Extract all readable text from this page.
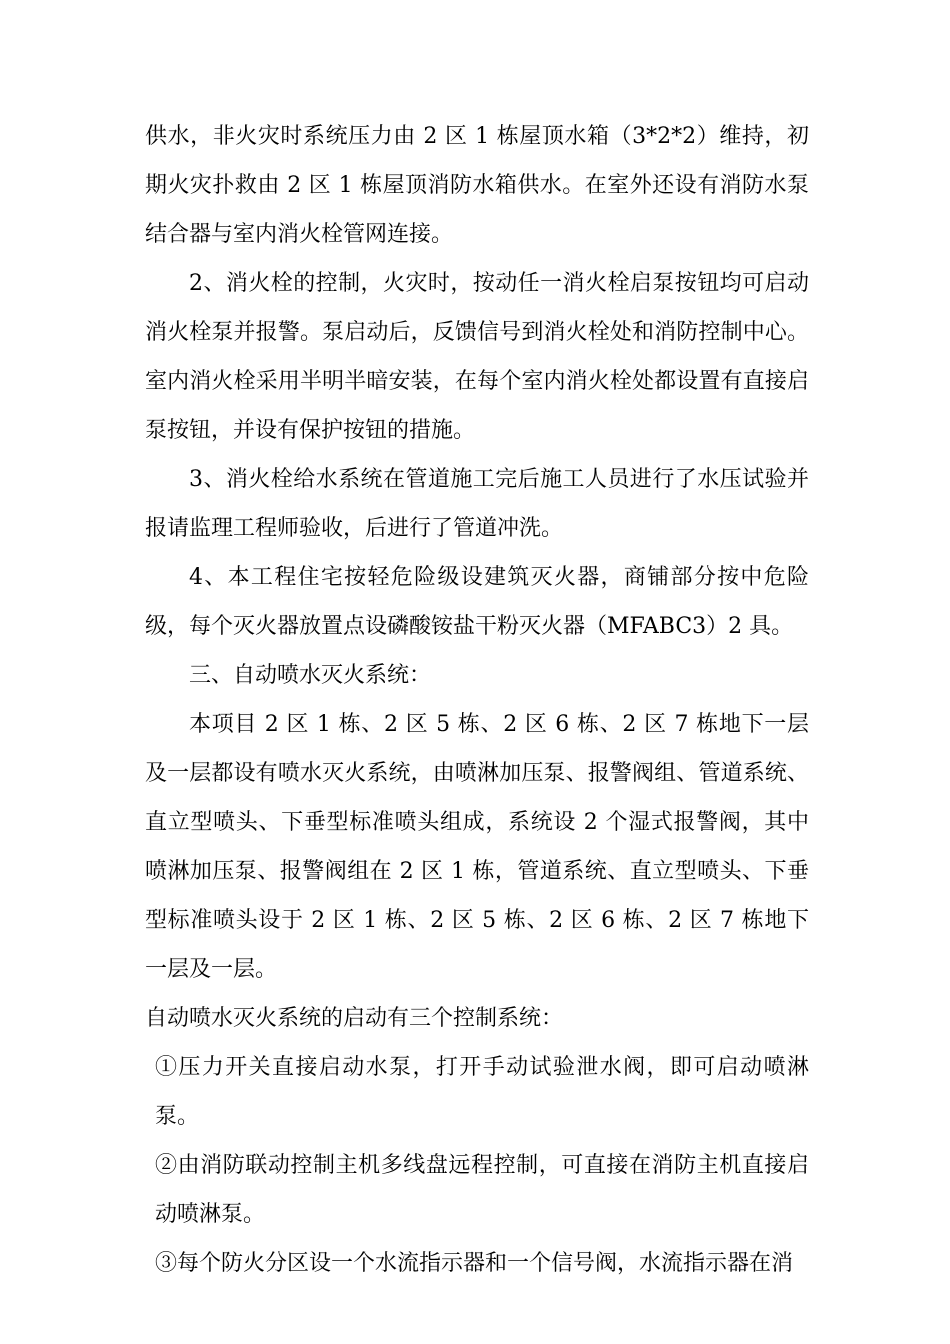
供水，非火灾时系统压力由 2 区 1 栋屋顶水箱（3*2*2）维持，初期火灾扑救由 2 区 1 栋屋顶消防水箱供水。在室外还设有消防水泵结合器与室内消火栓管网连接。

2、消火栓的控制，火灾时，按动任一消火栓启泵按钮均可启动消火栓泵并报警。泵启动后，反馈信号到消火栓处和消防控制中心。室内消火栓采用半明半暗安装，在每个室内消火栓处都设置有直接启泵按钮，并设有保护按钮的措施。

3、消火栓给水系统在管道施工完后施工人员进行了水压试验并报请监理工程师验收，后进行了管道冲洗。

4、本工程住宅按轻危险级设建筑灭火器，商铺部分按中危险级，每个灭火器放置点设磷酸铵盐干粉灭火器（MFABC3）2 具。

三、自动喷水灭火系统：

本项目 2 区 1 栋、2 区 5 栋、2 区 6 栋、2 区 7 栋地下一层及一层都设有喷水灭火系统，由喷淋加压泵、报警阀组、管道系统、直立型喷头、下垂型标准喷头组成，系统设 2 个湿式报警阀，其中喷淋加压泵、报警阀组在 2 区 1 栋，管道系统、直立型喷头、下垂型标准喷头设于 2 区 1 栋、2 区 5 栋、2 区 6 栋、2 区 7 栋地下一层及一层。

自动喷水灭火系统的启动有三个控制系统：

①压力开关直接启动水泵，打开手动试验泄水阀，即可启动喷淋泵。

②由消防联动控制主机多线盘远程控制，可直接在消防主机直接启动喷淋泵。

③每个防火分区设一个水流指示器和一个信号阀，水流指示器在消
